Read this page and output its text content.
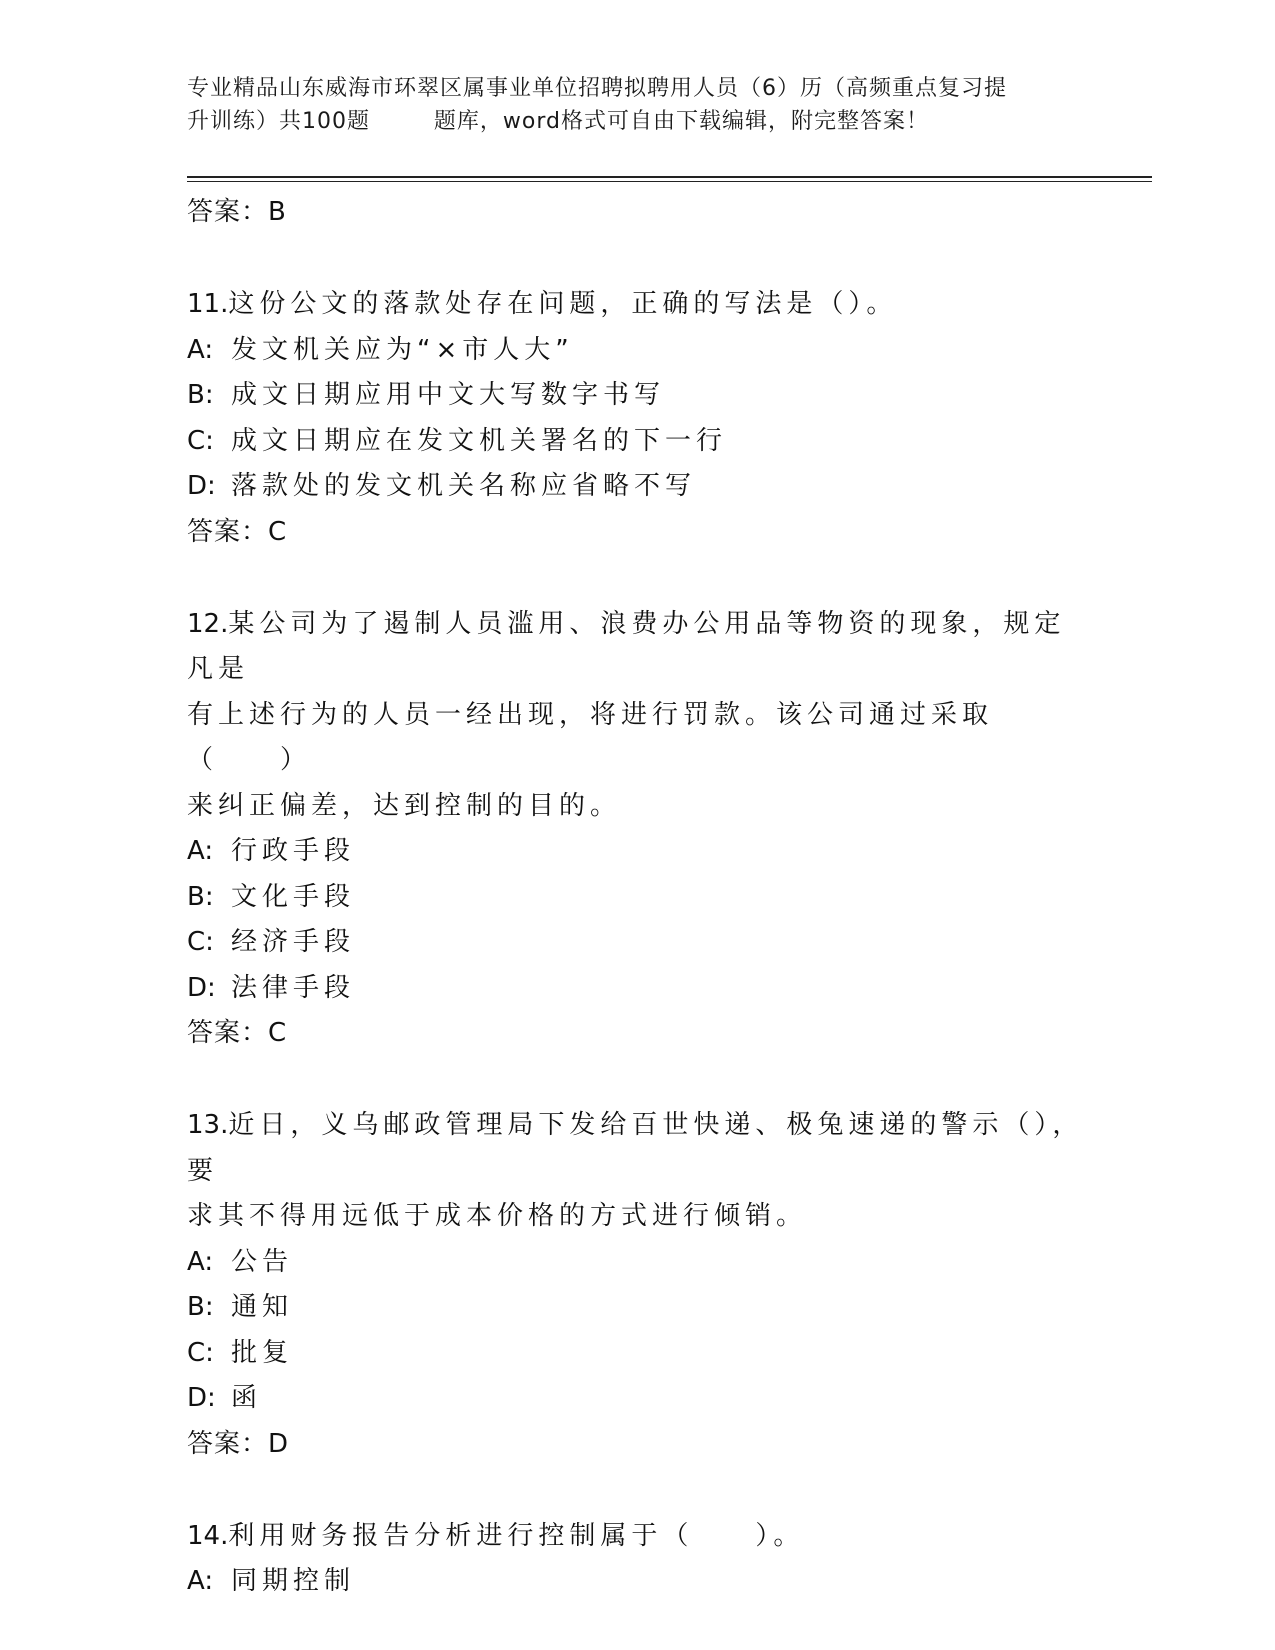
专业精品山东威海市环翠区属事业单位招聘拟聘用人员（6）历（高频重点复习提
升训练）共100题        题库，word格式可自由下载编辑，附完整答案！
答案：B
11.这份公文的落款处存在问题，正确的写法是（）。
A: 发文机关应为“×市人大”
B: 成文日期应用中文大写数字书写
C: 成文日期应在发文机关署名的下一行
D: 落款处的发文机关名称应省略不写
答案：C
12.某公司为了遏制人员滥用、浪费办公用品等物资的现象，规定凡是
有上述行为的人员一经出现，将进行罚款。该公司通过采取（　　）
来纠正偏差，达到控制的目的。
A: 行政手段
B: 文化手段
C: 经济手段
D: 法律手段
答案：C
13.近日，义乌邮政管理局下发给百世快递、极兔速递的警示（），要
求其不得用远低于成本价格的方式进行倾销。
A: 公告
B: 通知
C: 批复
D: 函
答案：D
14.利用财务报告分析进行控制属于（　　）。
A: 同期控制
